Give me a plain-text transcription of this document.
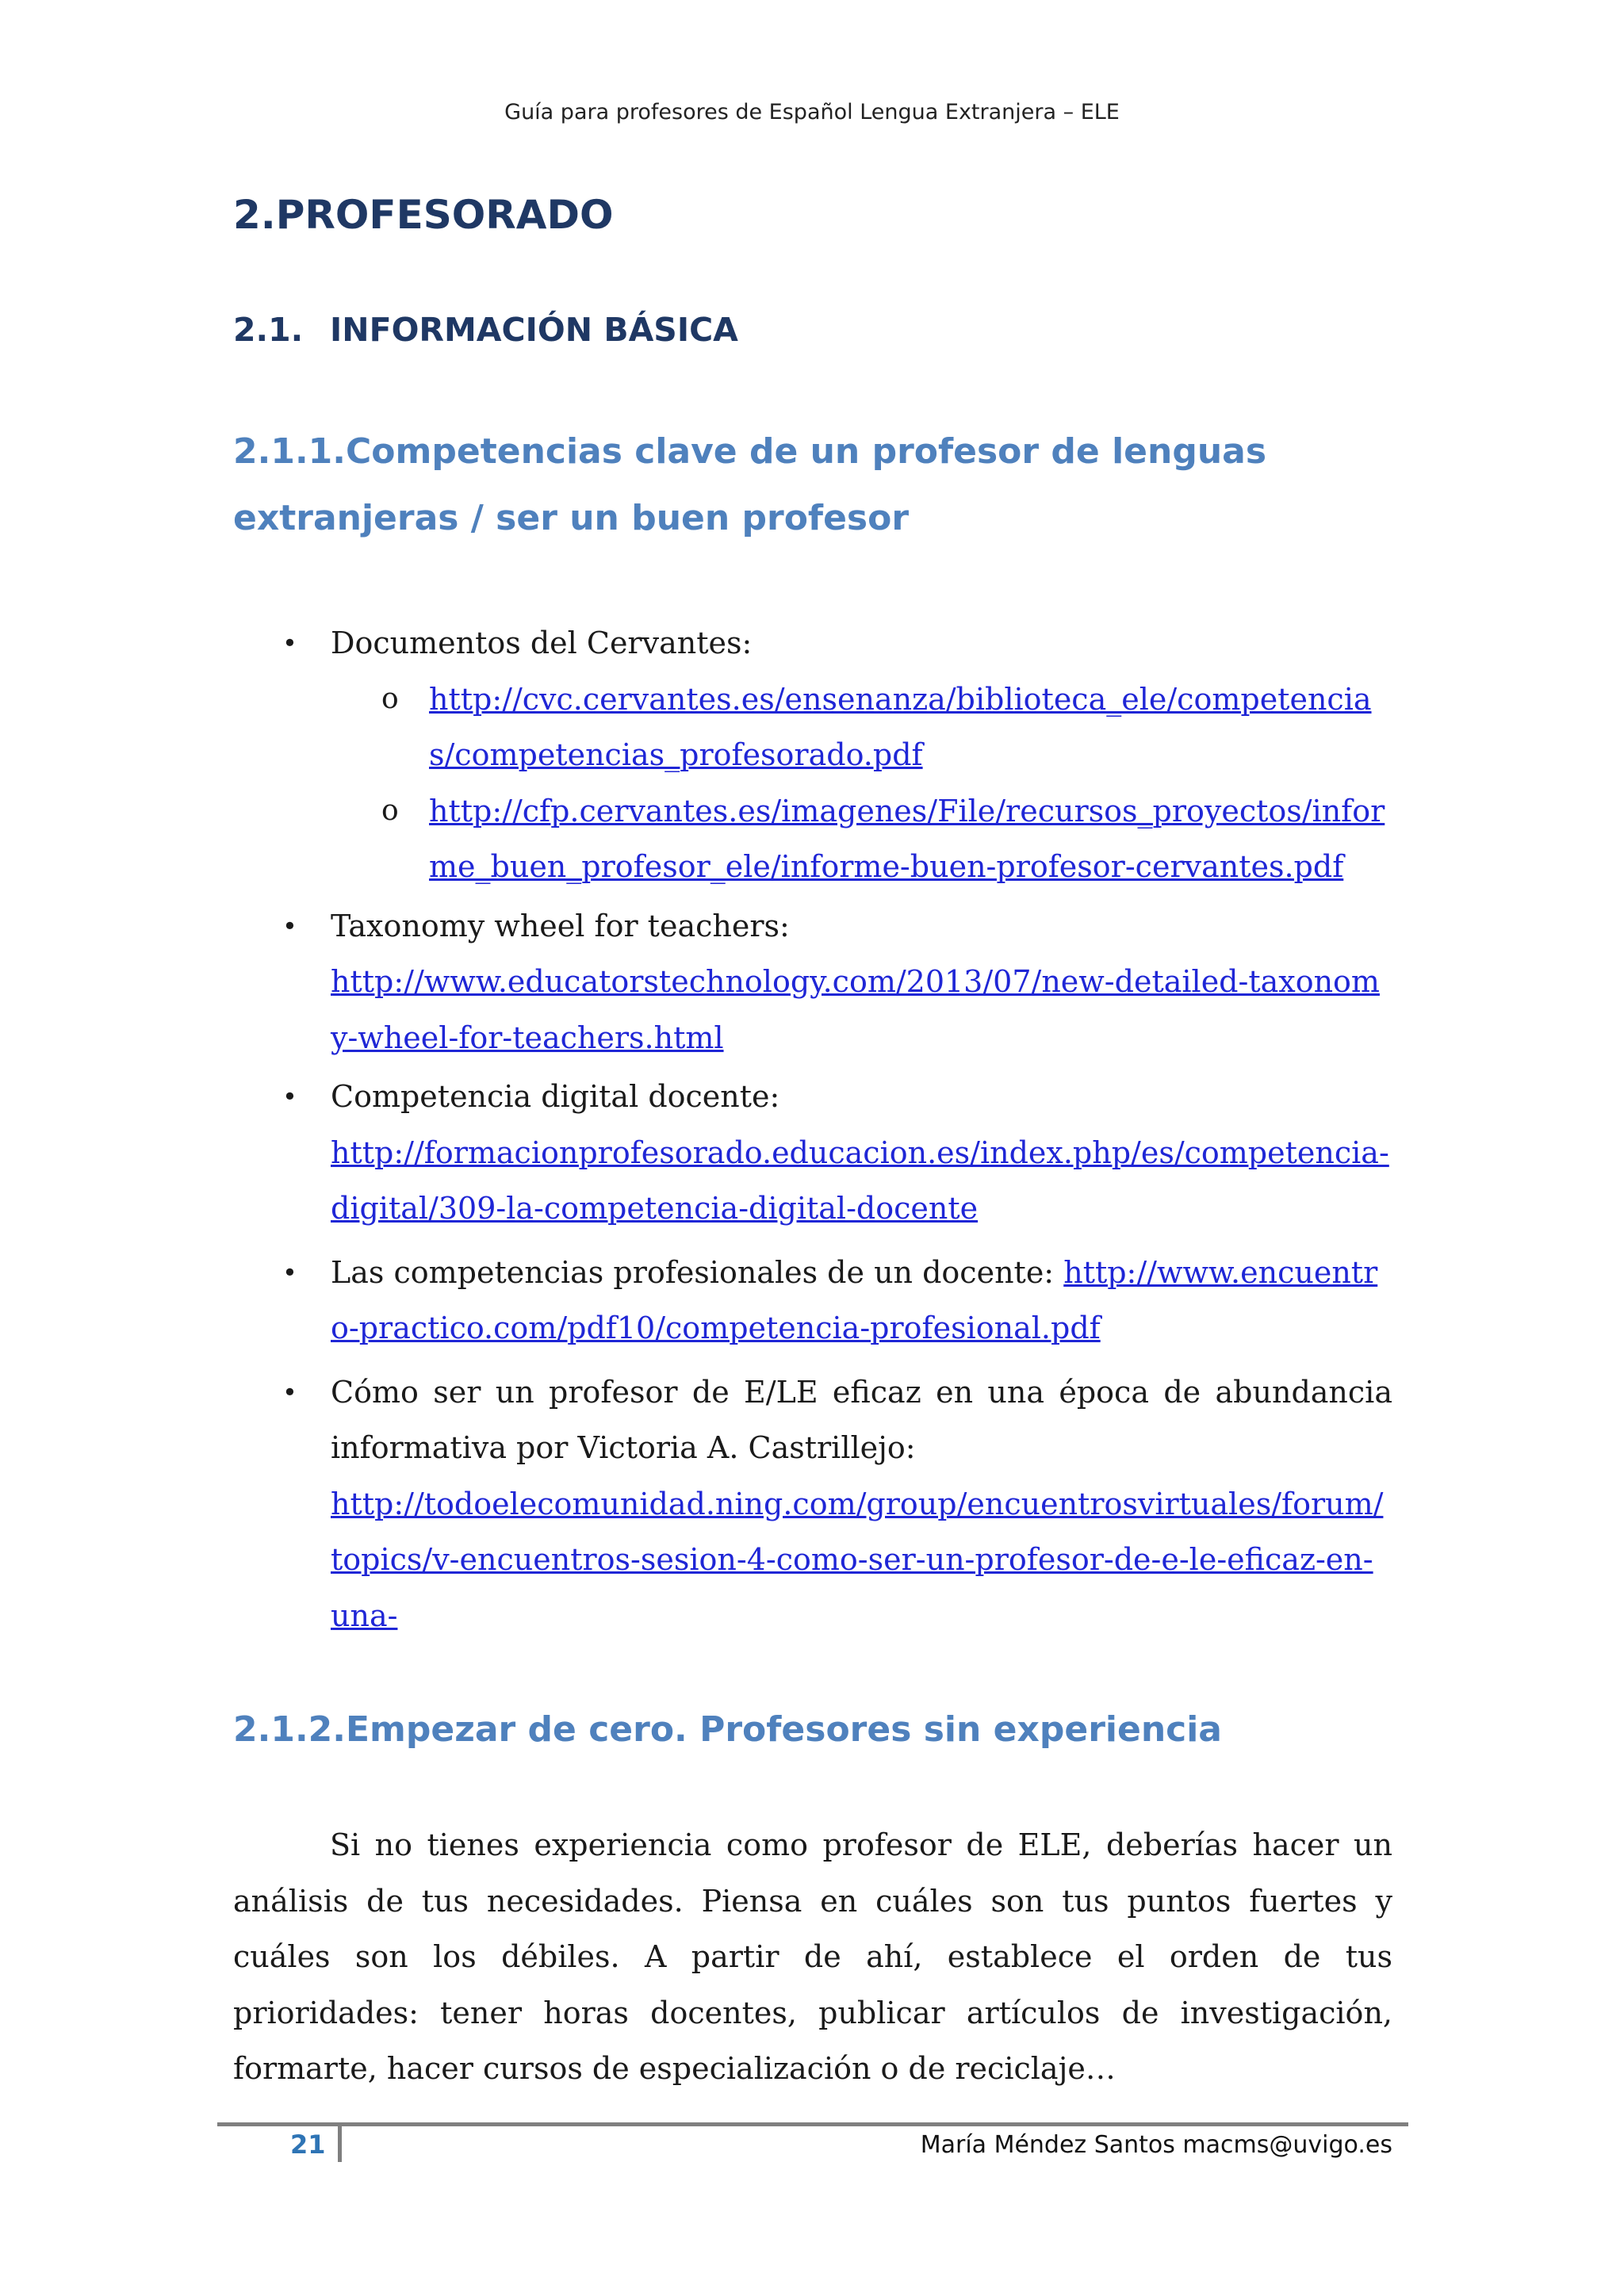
Guía para profesores de Español Lengua Extranjera – ELE
2.PROFESORADO
2.1. INFORMACIÓN BÁSICA
2.1.1.Competencias clave de un profesor de lenguas extranjeras / ser un buen profesor
• Documentos del Cervantes:
o http://cvc.cervantes.es/ensenanza/biblioteca_ele/competencias/competencias_profesorado.pdf
o http://cfp.cervantes.es/imagenes/File/recursos_proyectos/informe_buen_profesor_ele/informe-buen-profesor-cervantes.pdf
• Taxonomy wheel for teachers:
http://www.educatorstechnology.com/2013/07/new-detailed-taxonomy-wheel-for-teachers.html
• Competencia digital docente:
http://formacionprofesorado.educacion.es/index.php/es/competencia-digital/309-la-competencia-digital-docente
• Las competencias profesionales de un docente: http://www.encuentro-practico.com/pdf10/competencia-profesional.pdf
• Cómo ser un profesor de E/LE eficaz en una época de abundancia informativa por Victoria A. Castrillejo:
http://todoelecomunidad.ning.com/group/encuentrosvirtuales/forum/topics/v-encuentros-sesion-4-como-ser-un-profesor-de-e-le-eficaz-en-una-
2.1.2.Empezar de cero. Profesores sin experiencia

Si no tienes experiencia como profesor de ELE, deberías hacer un análisis de tus necesidades. Piensa en cuáles son tus puntos fuertes y cuáles son los débiles. A partir de ahí, establece el orden de tus prioridades: tener horas docentes, publicar artículos de investigación, formarte, hacer cursos de especialización o de reciclaje…

21	María Méndez Santos macms@uvigo.es
